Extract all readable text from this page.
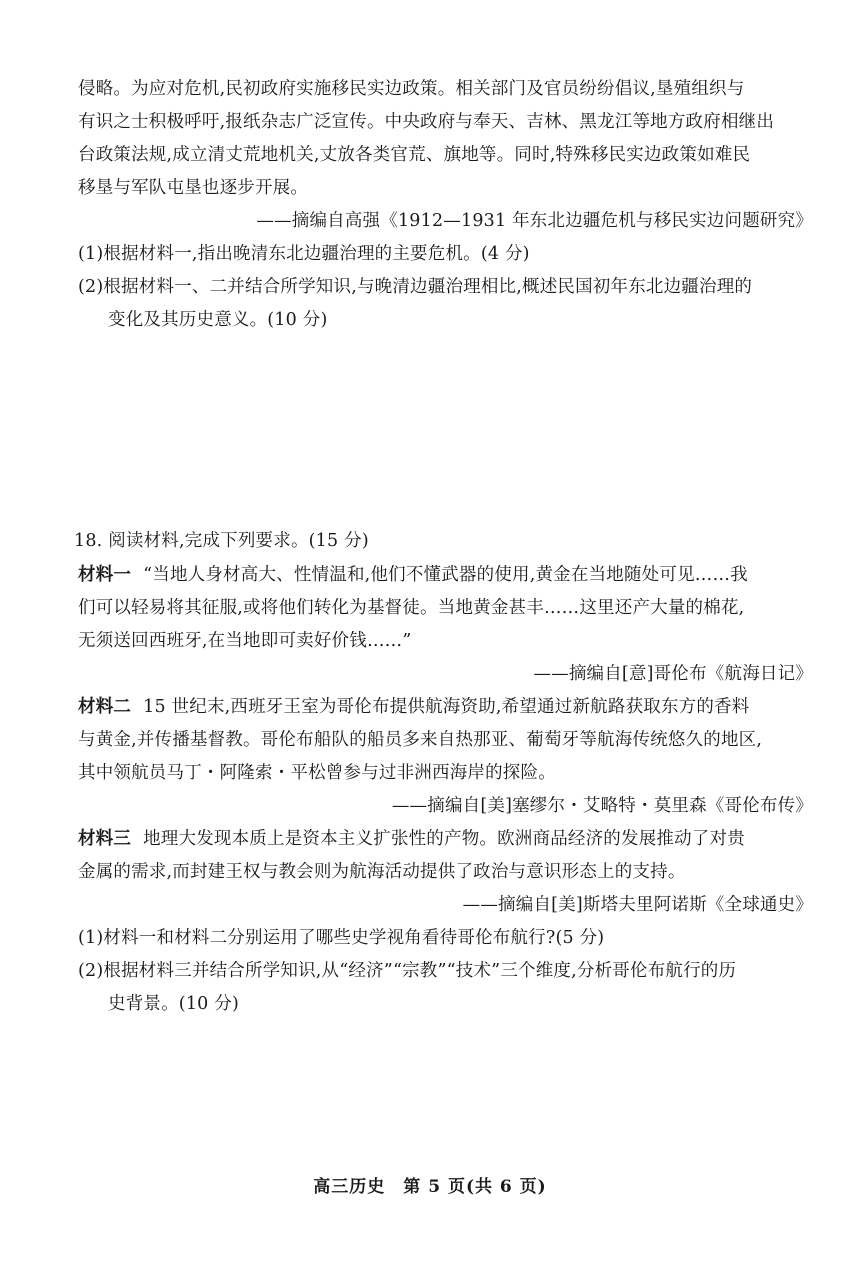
侵略。为应对危机,民初政府实施移民实边政策。相关部门及官员纷纷倡议,垦殖组织与
有识之士积极呼吁,报纸杂志广泛宣传。中央政府与奉天、吉林、黑龙江等地方政府相继出
台政策法规,成立清丈荒地机关,丈放各类官荒、旗地等。同时,特殊移民实边政策如难民
移垦与军队屯垦也逐步开展。
——摘编自高强《1912—1931 年东北边疆危机与移民实边问题研究》
(1)根据材料一,指出晚清东北边疆治理的主要危机。(4 分)
(2)根据材料一、二并结合所学知识,与晚清边疆治理相比,概述民国初年东北边疆治理的
变化及其历史意义。(10 分)
18. 阅读材料,完成下列要求。(15 分)
材料一 “当地人身材高大、性情温和,他们不懂武器的使用,黄金在当地随处可见……我
们可以轻易将其征服,或将他们转化为基督徒。当地黄金甚丰……这里还产大量的棉花,
无须送回西班牙,在当地即可卖好价钱……”
——摘编自[意]哥伦布《航海日记》
材料二 15 世纪末,西班牙王室为哥伦布提供航海资助,希望通过新航路获取东方的香料
与黄金,并传播基督教。哥伦布船队的船员多来自热那亚、葡萄牙等航海传统悠久的地区,
其中领航员马丁・阿隆索・平松曾参与过非洲西海岸的探险。
——摘编自[美]塞缪尔・艾略特・莫里森《哥伦布传》
材料三 地理大发现本质上是资本主义扩张性的产物。欧洲商品经济的发展推动了对贵
金属的需求,而封建王权与教会则为航海活动提供了政治与意识形态上的支持。
——摘编自[美]斯塔夫里阿诺斯《全球通史》
(1)材料一和材料二分别运用了哪些史学视角看待哥伦布航行?(5 分)
(2)根据材料三并结合所学知识,从“经济”“宗教”“技术”三个维度,分析哥伦布航行的历
史背景。(10 分)
高三历史　第 5 页(共 6 页)
